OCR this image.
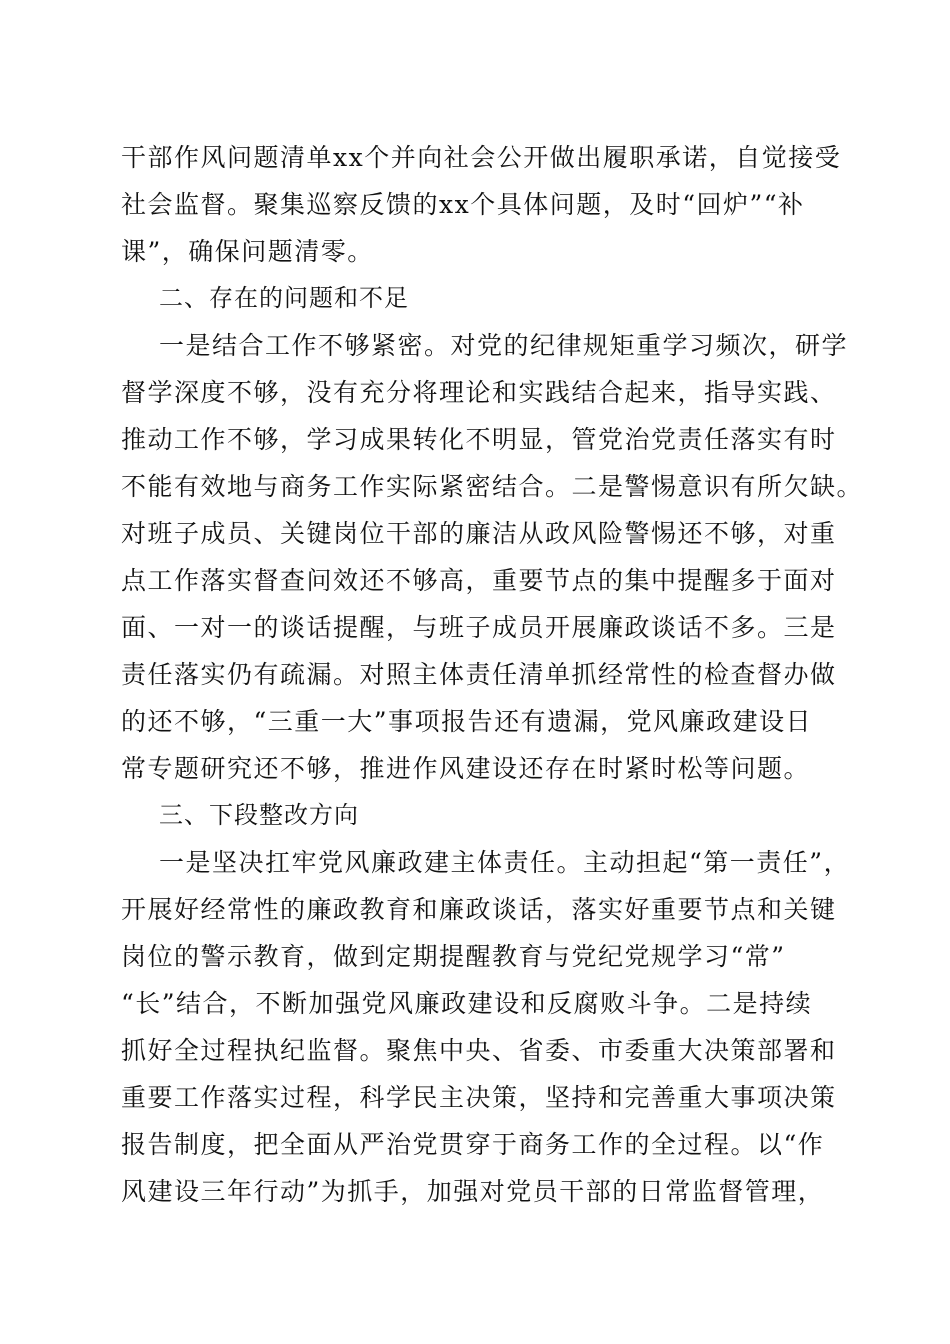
干部作风问题清单xx个并向社会公开做出履职承诺，自觉接受
社会监督。聚集巡察反馈的xx个具体问题，及时“回炉”“补
课”，确保问题清零。
二、存在的问题和不足
一是结合工作不够紧密。对党的纪律规矩重学习频次，研学
督学深度不够，没有充分将理论和实践结合起来，指导实践、
推动工作不够，学习成果转化不明显，管党治党责任落实有时
不能有效地与商务工作实际紧密结合。二是警惕意识有所欠缺。
对班子成员、关键岗位干部的廉洁从政风险警惕还不够，对重
点工作落实督查问效还不够高，重要节点的集中提醒多于面对
面、一对一的谈话提醒，与班子成员开展廉政谈话不多。三是
责任落实仍有疏漏。对照主体责任清单抓经常性的检查督办做
的还不够，“三重一大”事项报告还有遗漏，党风廉政建设日
常专题研究还不够，推进作风建设还存在时紧时松等问题。
三、下段整改方向
一是坚决扛牢党风廉政建主体责任。主动担起“第一责任”，
开展好经常性的廉政教育和廉政谈话，落实好重要节点和关键
岗位的警示教育，做到定期提醒教育与党纪党规学习“常”
“长”结合，不断加强党风廉政建设和反腐败斗争。二是持续
抓好全过程执纪监督。聚焦中央、省委、市委重大决策部署和
重要工作落实过程，科学民主决策，坚持和完善重大事项决策
报告制度，把全面从严治党贯穿于商务工作的全过程。以“作
风建设三年行动”为抓手，加强对党员干部的日常监督管理，
